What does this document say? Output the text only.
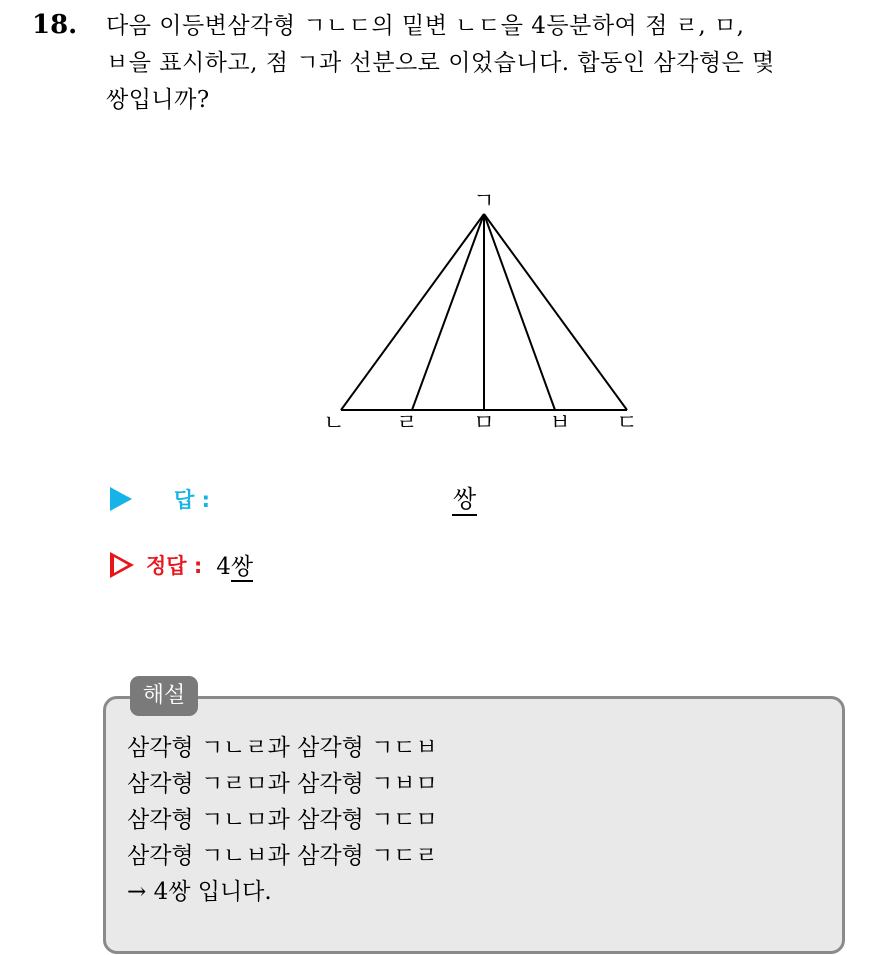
18. 다음 이등변삼각형 ㄱㄴㄷ의 밑변 ㄴㄷ을 4등분하여 점 ㄹ, ㅁ,
ㅂ을 표시하고, 점 ㄱ과 선분으로 이었습니다. 합동인 삼각형은 몇
쌍입니까?
ㄱ
ㄴ ㄹ	ㅁ ㅂ ㄷ
답 :	쌍
정답 : 4쌍
해설
삼각형 ㄱㄴㄹ과 삼각형 ㄱㄷㅂ
삼각형 ㄱㄹㅁ과 삼각형 ㄱㅂㅁ
삼각형 ㄱㄴㅁ과 삼각형 ㄱㄷㅁ
삼각형 ㄱㄴㅂ과 삼각형 ㄱㄷㄹ
→ 4쌍 입니다.
